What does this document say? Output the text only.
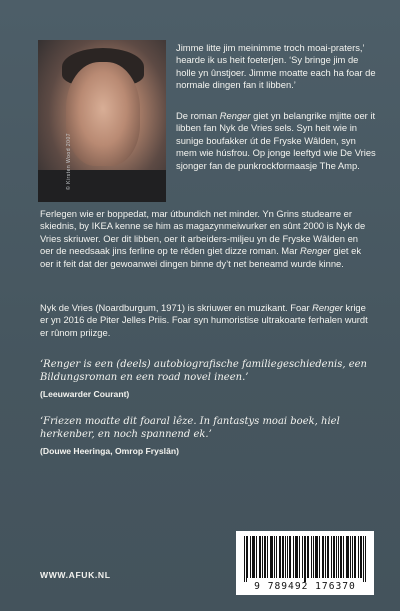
© Kirsten Wood 2007

Jimme litte jim meinimme troch moai-praters,’ hearde ik us heit foeterjen. ‘Sy bringe jim de holle yn ûnstjoer. Jimme moatte each ha foar de normale dingen fan it libben.’

De roman Renger giet yn belangrike mjitte oer it libben fan Nyk de Vries sels. Syn heit wie in sunige boufakker út de Fryske Wâlden, syn mem wie húsfrou. Op jonge leeftyd wie De Vries sjonger fan de punkrockformaasje The Amp.

Ferlegen wie er boppedat, mar útbundich net minder. Yn Grins studearre er skiednis, by IKEA kenne se him as magazynmeiwurker en sûnt 2000 is Nyk de Vries skriuwer. Oer dit libben, oer it arbeiders-miljeu yn de Fryske Wâlden en oer de needsaak jins ferline op te rêden giet dizze roman. Mar Renger giet ek oer it feit dat der gewoanwei dingen binne dy’t net beneamd wurde kinne.

Nyk de Vries (Noardburgum, 1971) is skriuwer en muzikant. Foar Renger krige er yn 2016 de Piter Jelles Priis. Foar syn humoristise ultrakoarte ferhalen wurdt er rûnom priizge.

‘Renger is een (deels) autobiografische familiegeschiedenis, een Bildungsroman en een road novel ineen.’

(Leeuwarder Courant)

‘Friezen moatte dit foaral lêze. In fantastys moai boek, hiel herkenber, en noch spannend ek.’

(Douwe Heeringa, Omrop Fryslân)

WWW.AFUK.NL
9 789492 176370
